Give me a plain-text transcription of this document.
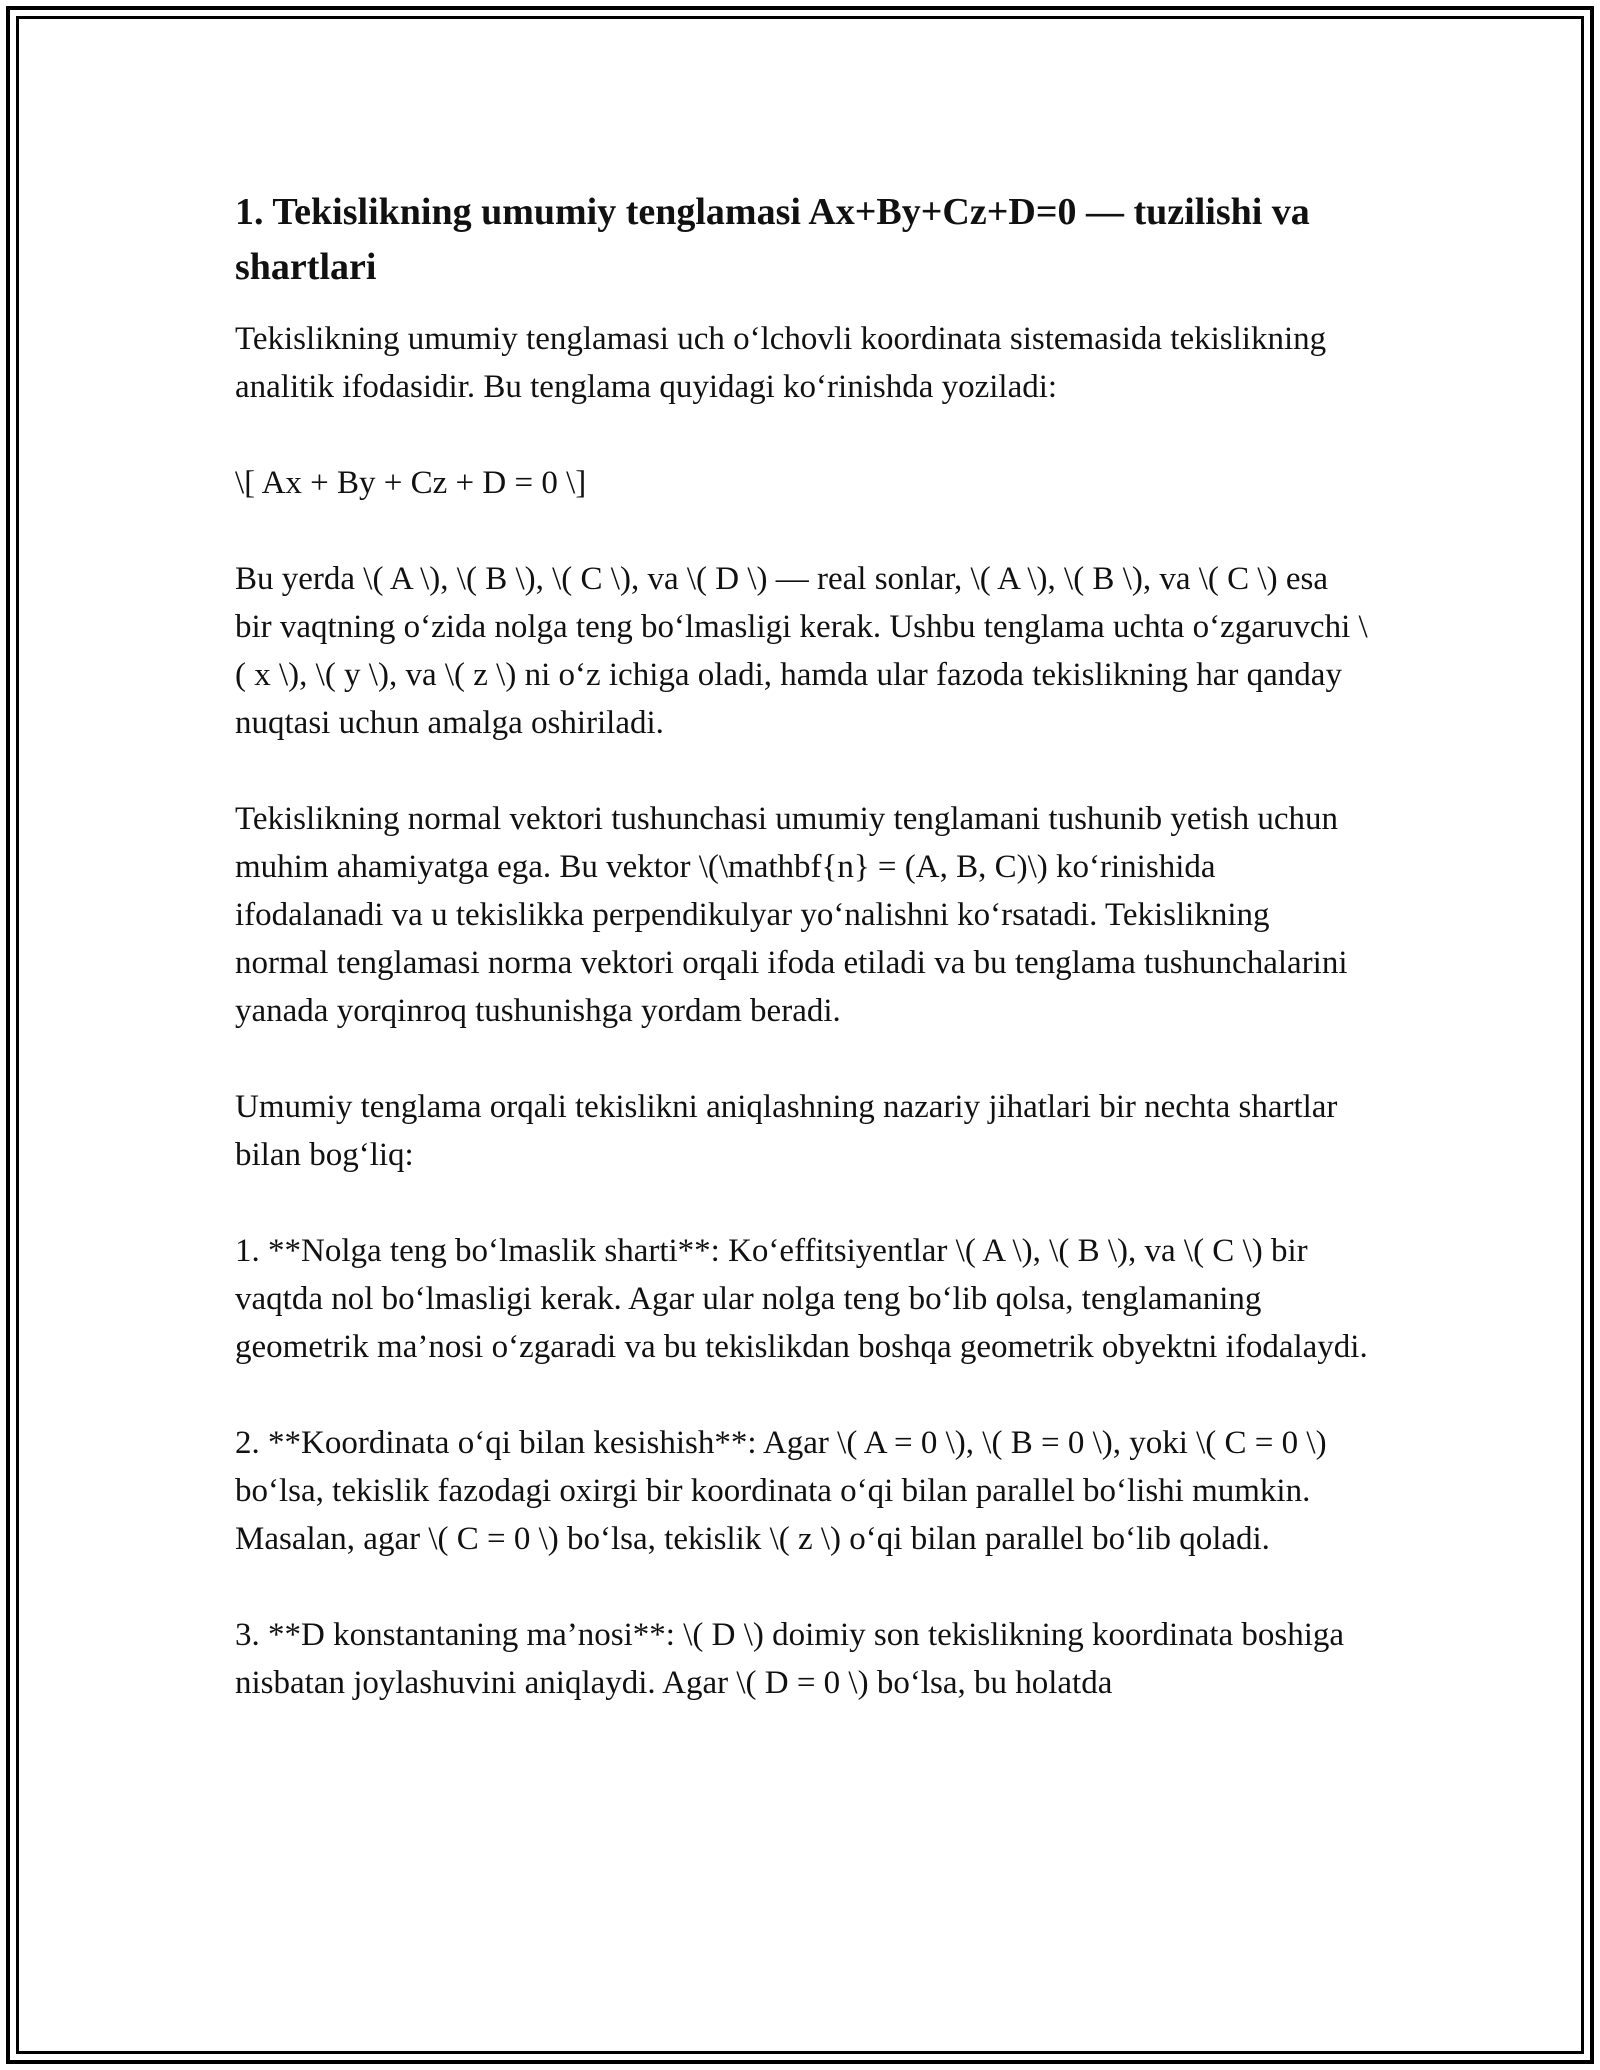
1. Tekislikning umumiy tenglamasi Ax+By+Cz+D=0 — tuzilishi va shartlari

Tekislikning umumiy tenglamasi uch o‘lchovli koordinata sistemasida tekislikning analitik ifodasidir. Bu tenglama quyidagi ko‘rinishda yoziladi:

\[ Ax + By + Cz + D = 0 \]

Bu yerda \( A \), \( B \), \( C \), va \( D \) — real sonlar, \( A \), \( B \), va \( C \) esa bir vaqtning o‘zida nolga teng bo‘lmasligi kerak. Ushbu tenglama uchta o‘zgaruvchi \( x \), \( y \), va \( z \) ni o‘z ichiga oladi, hamda ular fazoda tekislikning har qanday nuqtasi uchun amalga oshiriladi.

Tekislikning normal vektori tushunchasi umumiy tenglamani tushunib yetish uchun muhim ahamiyatga ega. Bu vektor \(\mathbf{n} = (A, B, C)\) ko‘rinishida ifodalanadi va u tekislikka perpendikulyar yo‘nalishni ko‘rsatadi. Tekislikning normal tenglamasi norma vektori orqali ifoda etiladi va bu tenglama tushunchalarini yanada yorqinroq tushunishga yordam beradi.

Umumiy tenglama orqali tekislikni aniqlashning nazariy jihatlari bir nechta shartlar bilan bog‘liq:

1. **Nolga teng bo‘lmaslik sharti**: Ko‘effitsiyentlar \( A \), \( B \), va \( C \) bir vaqtda nol bo‘lmasligi kerak. Agar ular nolga teng bo‘lib qolsa, tenglamaning geometrik ma’nosi o‘zgaradi va bu tekislikdan boshqa geometrik obyektni ifodalaydi.

2. **Koordinata o‘qi bilan kesishish**: Agar \( A = 0 \), \( B = 0 \), yoki \( C = 0 \) bo‘lsa, tekislik fazodagi oxirgi bir koordinata o‘qi bilan parallel bo‘lishi mumkin. Masalan, agar \( C = 0 \) bo‘lsa, tekislik \( z \) o‘qi bilan parallel bo‘lib qoladi.

3. **D konstantaning ma’nosi**: \( D \) doimiy son tekislikning koordinata boshiga nisbatan joylashuvini aniqlaydi. Agar \( D = 0 \) bo‘lsa, bu holatda
